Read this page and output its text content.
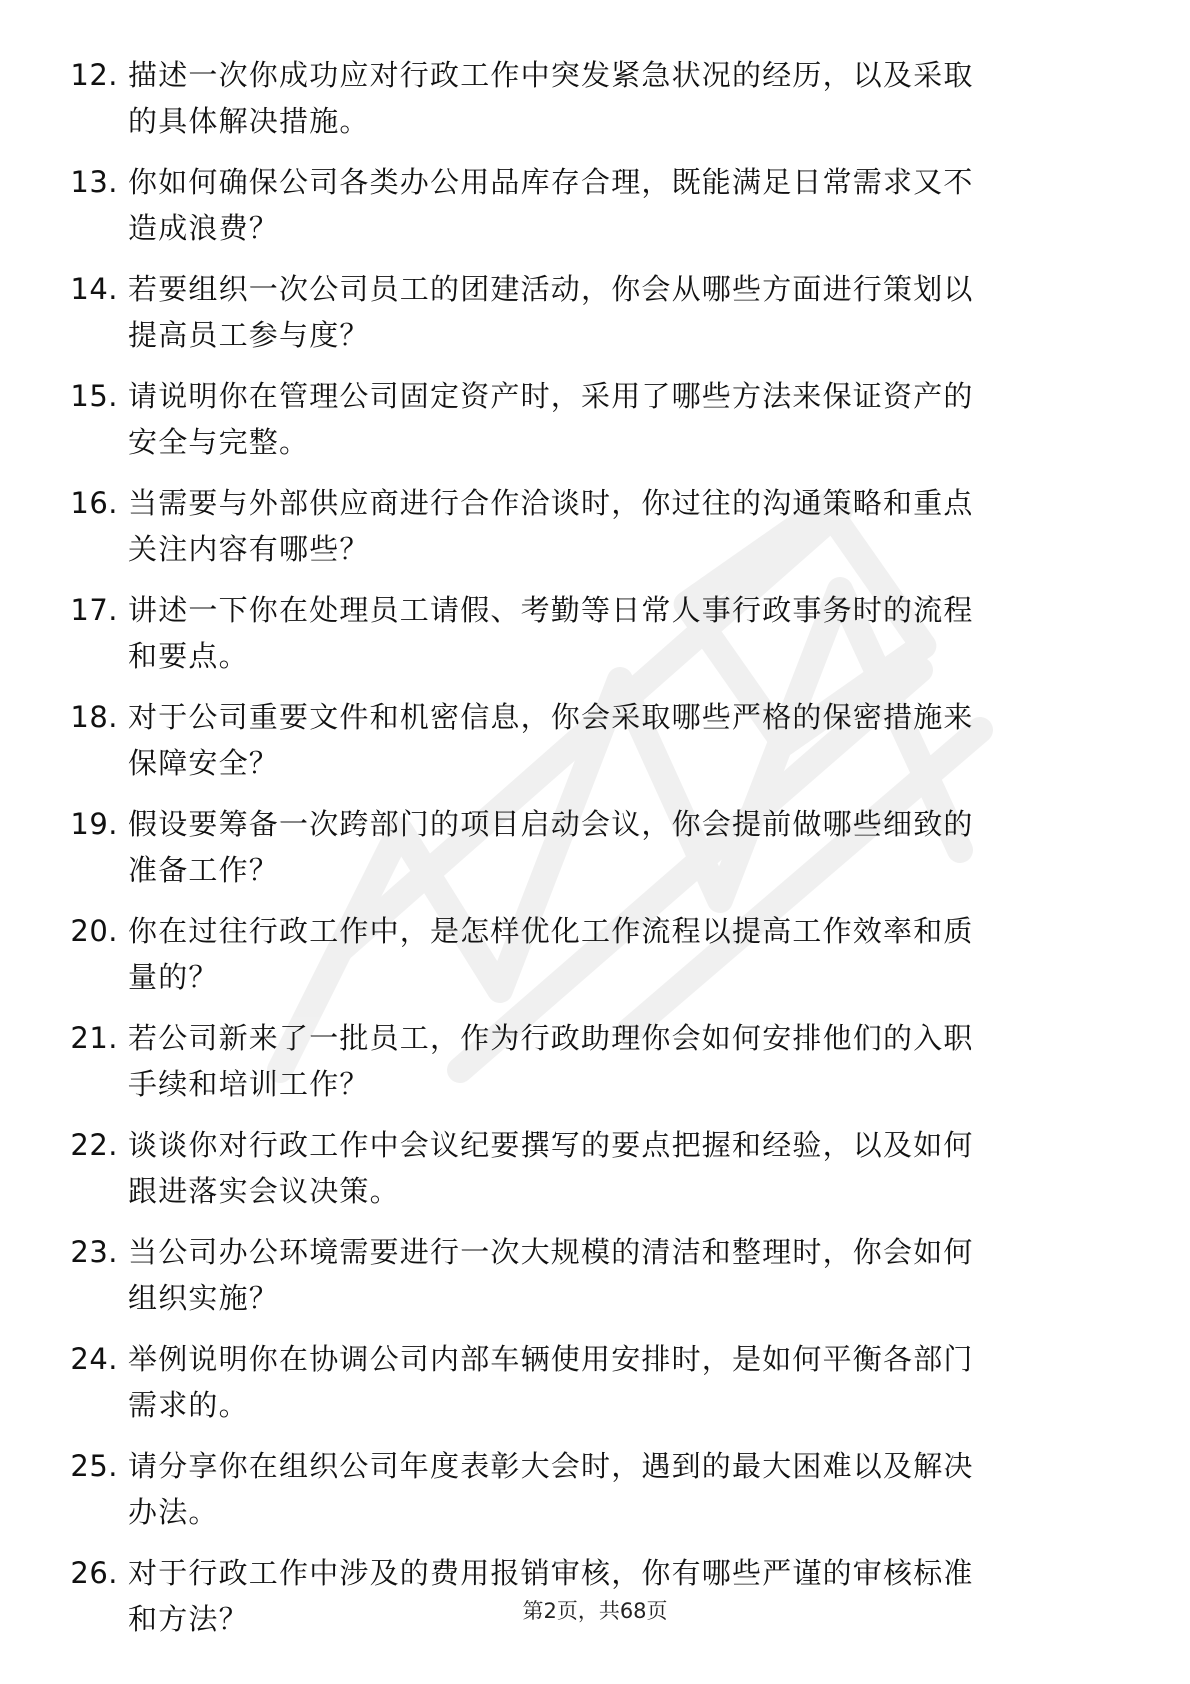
12. 描述一次你成功应对行政工作中突发紧急状况的经历，以及采取
的具体解决措施。
13. 你如何确保公司各类办公用品库存合理，既能满足日常需求又不
造成浪费？
14. 若要组织一次公司员工的团建活动，你会从哪些方面进行策划以
提高员工参与度？
15. 请说明你在管理公司固定资产时，采用了哪些方法来保证资产的
安全与完整。
16. 当需要与外部供应商进行合作洽谈时，你过往的沟通策略和重点
关注内容有哪些？
17. 讲述一下你在处理员工请假、考勤等日常人事行政事务时的流程
和要点。
18. 对于公司重要文件和机密信息，你会采取哪些严格的保密措施来
保障安全？
19. 假设要筹备一次跨部门的项目启动会议，你会提前做哪些细致的
准备工作？
20. 你在过往行政工作中，是怎样优化工作流程以提高工作效率和质
量的？
21. 若公司新来了一批员工，作为行政助理你会如何安排他们的入职
手续和培训工作？
22. 谈谈你对行政工作中会议纪要撰写的要点把握和经验，以及如何
跟进落实会议决策。
23. 当公司办公环境需要进行一次大规模的清洁和整理时，你会如何
组织实施？
24. 举例说明你在协调公司内部车辆使用安排时，是如何平衡各部门
需求的。
25. 请分享你在组织公司年度表彰大会时，遇到的最大困难以及解决
办法。
26. 对于行政工作中涉及的费用报销审核，你有哪些严谨的审核标准
和方法？	第2页，共68页
